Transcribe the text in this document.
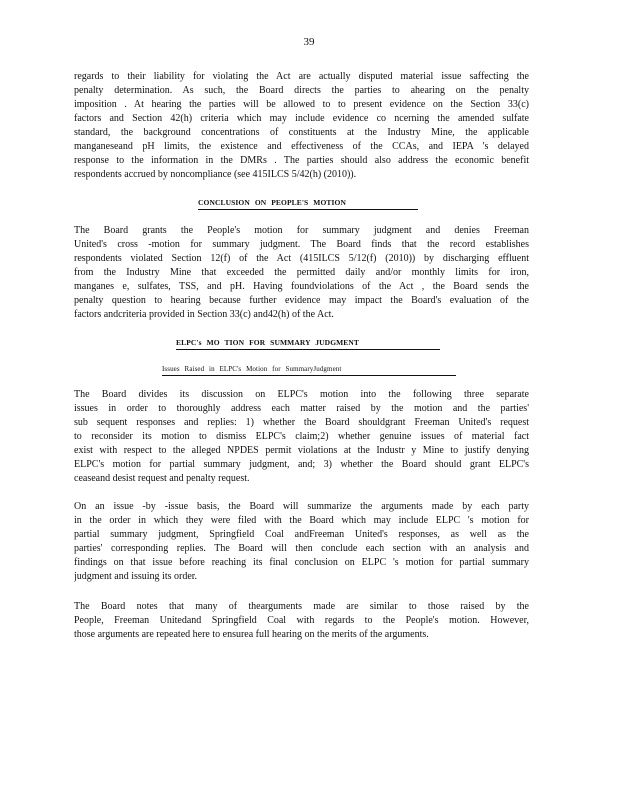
39
regards to their liability for violating the Act are actually disputed material issue saffecting the
penalty determination. As such, the Board directs the parties to ahearing on the penalty
imposition . At hearing the parties will be allowed to to present evidence on the Section 33(c)
factors and Section 42(h) criteria which may include evidence co ncerning the amended sulfate
standard, the background concentrations of constituents at the Industry Mine, the applicable
manganeseand pH limits, the existence and effectiveness of the CCAs, and IEPA 's delayed
response to the information in the DMRs . The parties should also address the economic benefit
respondents accrued by noncompliance (see 415ILCS 5/42(h) (2010)).
CONCLUSION ON PEOPLE'S MOTION
The Board grants the People's motion for summary judgment and denies Freeman
United's cross -motion for summary judgment. The Board finds that the record establishes
respondents violated Section 12(f) of the Act (415ILCS 5/12(f) (2010)) by discharging effluent
from the Industry Mine that exceeded the permitted daily and/or monthly limits for iron,
manganes e, sulfates, TSS, and pH. Having foundviolations of the Act , the Board sends the
penalty question to hearing because further evidence may impact the Board's evaluation of the
factors andcriteria provided in Section 33(c) and42(h) of the Act.
ELPC's MO TION FOR SUMMARY JUDGMENT
Issues Raised in ELPC's Motion for SummaryJudgment
The Board divides its discussion on ELPC's motion into the following three separate
issues in order to thoroughly address each matter raised by the motion and the parties'
sub sequent responses and replies: 1) whether the Board shouldgrant Freeman United's request
to reconsider its motion to dismiss ELPC's claim;2) whether genuine issues of material fact
exist with respect to the alleged NPDES permit violations at the Industr y Mine to justify denying
ELPC's motion for partial summary judgment, and; 3) whether the Board should grant ELPC's
ceaseand desist request and penalty request.
On an issue -by -issue basis, the Board will summarize the arguments made by each party
in the order in which they were filed with the Board which may include ELPC 's motion for
partial summary judgment, Springfield Coal andFreeman United's responses, as well as the
parties' corresponding replies. The Board will then conclude each section with an analysis and
findings on that issue before reaching its final conclusion on ELPC 's motion for partial summary
judgment and issuing its order.
The Board notes that many of thearguments made are similar to those raised by the
People, Freeman Unitedand Springfield Coal with regards to the People's motion. However,
those arguments are repeated here to ensurea full hearing on the merits of the arguments.
